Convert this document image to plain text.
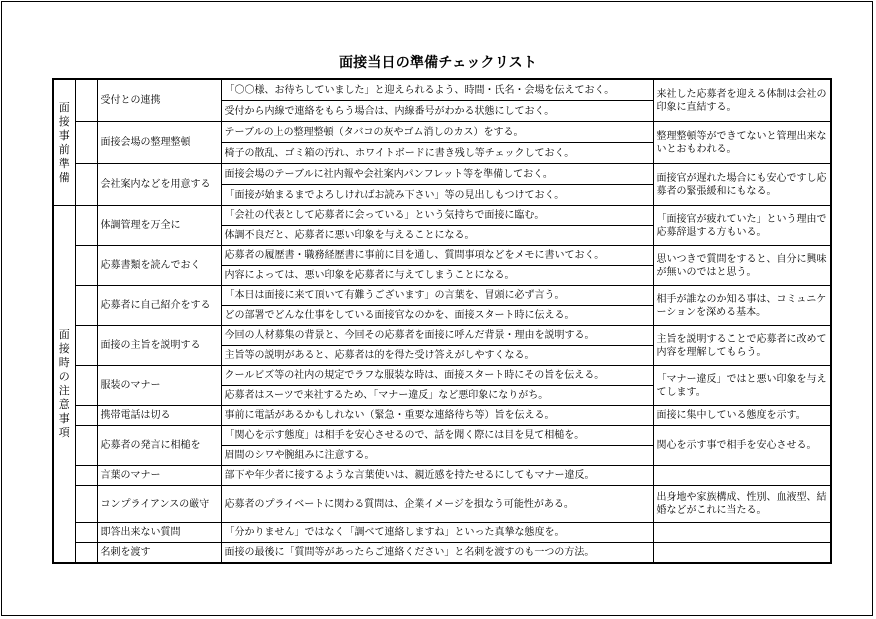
面接当日の準備チェックリスト
面接事前準備		受付との連携	「〇〇様、お待ちしていました」と迎えられるよう、時間・氏名・会場を伝えておく。	来社した応募者を迎える体制は会社の印象に直結する。
			受付から内線で連絡をもらう場合は、内線番号がわかる状態にしておく。	
		面接会場の整理整頓	テーブルの上の整理整頓（タバコの灰やゴム消しのカス）をする。	整理整頓等ができてないと管理出来ないとおもわれる。
			椅子の散乱、ゴミ箱の汚れ、ホワイトボードに書き残し等チェックしておく。	
		会社案内などを用意する	面接会場のテーブルに社内報や会社案内パンフレット等を準備しておく。	面接官が遅れた場合にも安心ですし応募者の緊張緩和にもなる。
			「面接が始まるまでよろしければお読み下さい」等の見出しもつけておく。	
面接時の注意事項		体調管理を万全に	「会社の代表として応募者に会っている」という気持ちで面接に臨む。	「面接官が疲れていた」という理由で応募辞退する方もいる。
			体調不良だと、応募者に悪い印象を与えることになる。	
		応募書類を読んでおく	応募者の履歴書・職務経歴書に事前に目を通し、質問事項などをメモに書いておく。	思いつきで質問をすると、自分に興味が無いのではと思う。
			内容によっては、悪い印象を応募者に与えてしまうことになる。	
		応募者に自己紹介をする	「本日は面接に来て頂いて有難うございます」の言葉を、冒頭に必ず言う。	相手が誰なのか知る事は、コミュニケーションを深める基本。
			どの部署でどんな仕事をしている面接官なのかを、面接スタート時に伝える。	
		面接の主旨を説明する	今回の人材募集の背景と、今回その応募者を面接に呼んだ背景・理由を説明する。	主旨を説明することで応募者に改めて内容を理解してもらう。
			主旨等の説明があると、応募者は的を得た受け答えがしやすくなる。	
		服装のマナー	クールビズ等の社内の規定でラフな服装な時は、面接スタート時にその旨を伝える。	「マナー違反」ではと悪い印象を与えてします。
			応募者はスーツで来社するため、「マナー違反」など悪印象になりがち。	
		携帯電話は切る	事前に電話があるかもしれない（緊急・重要な連絡待ち等）旨を伝える。	面接に集中している態度を示す。
		応募者の発言に相槌を	「関心を示す態度」は相手を安心させるので、話を聞く際には目を見て相槌を。	関心を示す事で相手を安心させる。
			眉間のシワや腕組みに注意する。	
		言葉のマナー	部下や年少者に接するような言葉使いは、親近感を持たせるにしてもマナー違反。	
		コンプライアンスの厳守	応募者のプライベートに関わる質問は、企業イメージを損なう可能性がある。	出身地や家族構成、性別、血液型、結婚などがこれに当たる。
		即答出来ない質問	「分かりません」ではなく「調べて連絡しますね」といった真摯な態度を。	
		名刺を渡す	面接の最後に「質問等があったらご連絡ください」と名刺を渡すのも一つの方法。	
